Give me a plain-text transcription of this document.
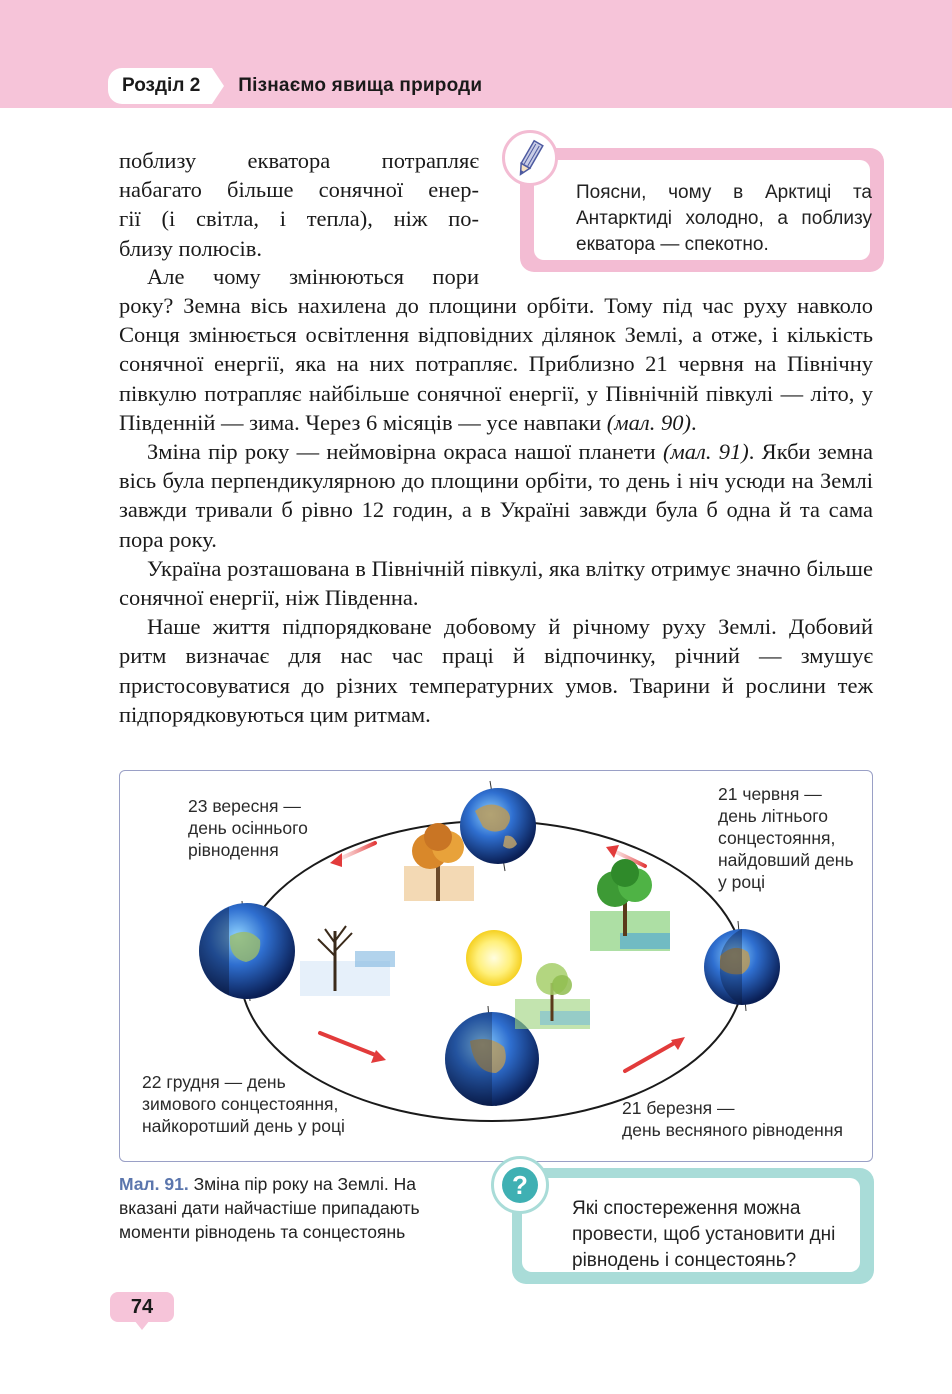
Розділ 2	Пізнаємо явища природи

поблизу екватора потрапляє

набагато більше сонячної енер-

гії (і світла, і тепла), ніж по-

близу полюсів.

Але чому змінюються пори

року? Земна вісь нахилена до площини орбіти. Тому під час руху навколо Сонця змінюється освітлення відповідних ділянок Землі, а отже, і кількість сонячної енергії, яка на них потрапляє. Приблизно 21 червня на Північну півкулю потрапляє найбільше сонячної енергії, у Північній півкулі — літо, у Південній — зима. Через 6 місяців — усе навпаки (мал. 90).

Зміна пір року — неймовірна окраса нашої планети (мал. 91). Якби земна вісь була перпендикулярною до площини орбіти, то день і ніч усюди на Землі завжди тривали б рівно 12 годин, а в Україні завжди була б одна й та сама пора року.

Україна розташована в Північній півкулі, яка влітку отримує значно більше сонячної енергії, ніж Південна.

Наше життя підпорядковане добовому й річному руху Землі. Добовий ритм визначає для нас час праці й відпочинку, річний — змушує пристосовуватися до різних температурних умов. Тварини й рослини теж підпорядковуються цим ритмам.

Поясни, чому в Арктиці та Антарктиді холодно, а поблизу екватора — спекотно.
23 вересня —
день осіннього
рівнодення
21 червня —
день літнього
сонцестояння,
найдовший день
у році
22 грудня — день
зимового сонцестояння,
найкоротший день у році
21 березня —
день весняного рівнодення
Мал. 91. Зміна пір року на Землі. На вказані дати найчастіше припадають моменти рівнодень та сонцестоянь
Які спостереження можна провести, щоб установити дні рівнодень і сонцестоянь?
?
74
